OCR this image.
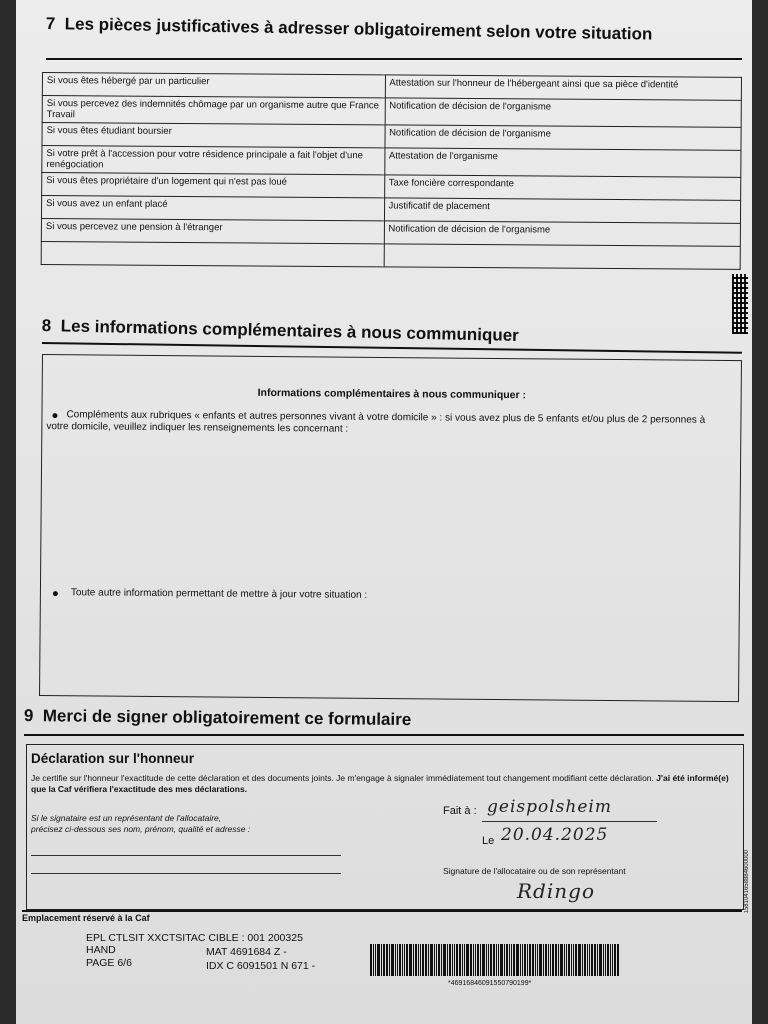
7 Les pièces justificatives à adresser obligatoirement selon votre situation
Si vous êtes hébergé par un particulier	Attestation sur l'honneur de l'hébergeant ainsi que sa pièce d'identité
Si vous percevez des indemnités chômage par un organisme autre que France Travail	Notification de décision de l'organisme
Si vous êtes étudiant boursier	Notification de décision de l'organisme
Si votre prêt à l'accession pour votre résidence principale a fait l'objet d'une renégociation	Attestation de l'organisme
Si vous êtes propriétaire d'un logement qui n'est pas loué	Taxe foncière correspondante
Si vous avez un enfant placé	Justificatif de placement
Si vous percevez une pension à l'étranger	Notification de décision de l'organisme

8 Les informations complémentaires à nous communiquer
Informations complémentaires à nous communiquer :
Compléments aux rubriques « enfants et autres personnes vivant à votre domicile » : si vous avez plus de 5 enfants et/ou plus de 2 personnes à votre domicile, veuillez indiquer les renseignements les concernant :
Toute autre information permettant de mettre à jour votre situation :
9 Merci de signer obligatoirement ce formulaire
Déclaration sur l'honneur
Je certifie sur l'honneur l'exactitude de cette déclaration et des documents joints. Je m'engage à signaler immédiatement tout changement modifiant cette déclaration. J'ai été informé(e) que la Caf vérifiera l'exactitude des mes déclarations.
Si le signataire est un représentant de l'allocataire,
précisez ci-dessous ses nom, prénom, qualité et adresse :
Fait à : geispolsheim
Le 20.04.2025
Signature de l'allocataire ou de son représentant
Rdingo
Emplacement réservé à la Caf
EPL CTLSIT XXCTSITAC CIBLE : 001 200325
HAND	MAT 4691684 Z -
PAGE 6/6	IDX C 6091501 N 671 -
*469168460915507901​99*
1581041658884600000
